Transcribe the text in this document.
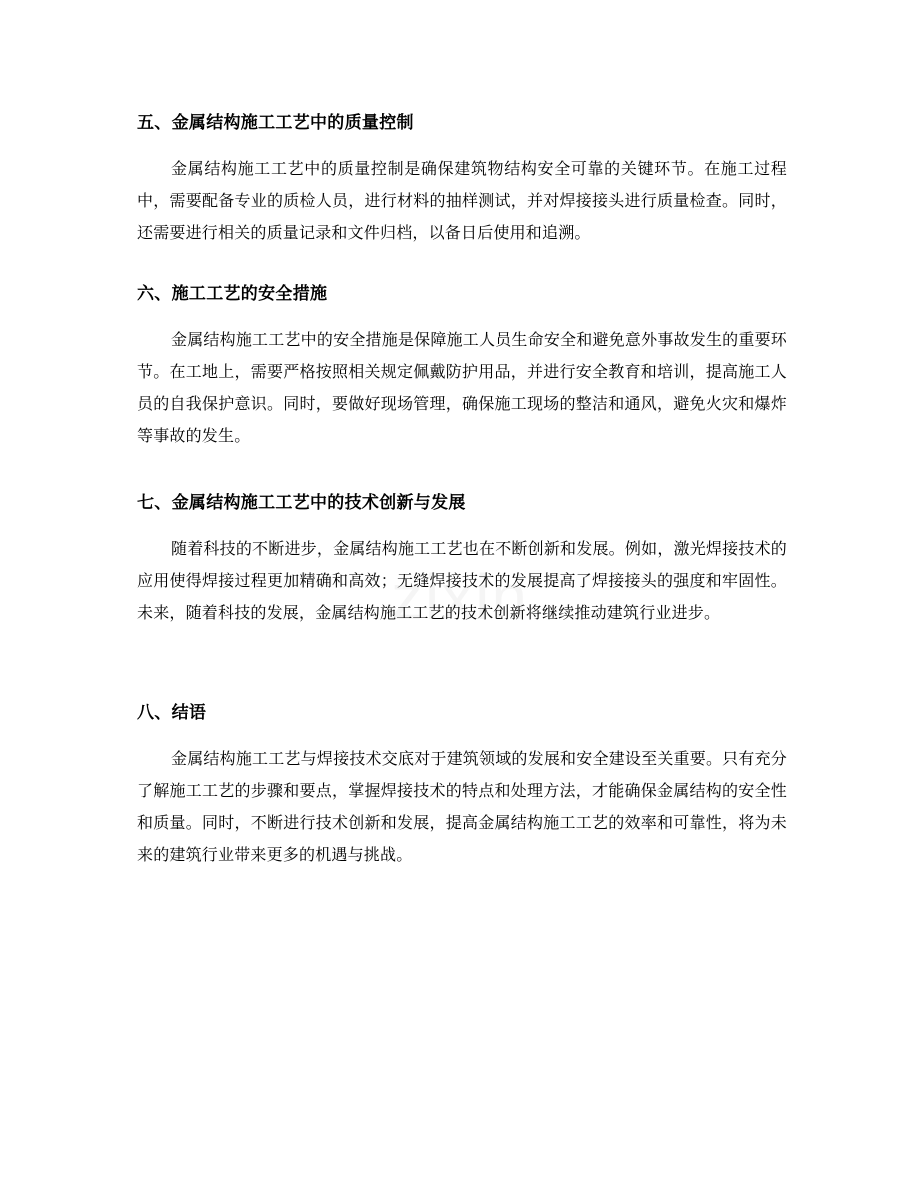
五、金属结构施工工艺中的质量控制

金属结构施工工艺中的质量控制是确保建筑物结构安全可靠的关键环节。在施工过程中，需要配备专业的质检人员，进行材料的抽样测试，并对焊接接头进行质量检查。同时，还需要进行相关的质量记录和文件归档，以备日后使用和追溯。

六、施工工艺的安全措施

金属结构施工工艺中的安全措施是保障施工人员生命安全和避免意外事故发生的重要环节。在工地上，需要严格按照相关规定佩戴防护用品，并进行安全教育和培训，提高施工人员的自我保护意识。同时，要做好现场管理，确保施工现场的整洁和通风，避免火灾和爆炸等事故的发生。

七、金属结构施工工艺中的技术创新与发展

随着科技的不断进步，金属结构施工工艺也在不断创新和发展。例如，激光焊接技术的应用使得焊接过程更加精确和高效；无缝焊接技术的发展提高了焊接接头的强度和牢固性。未来，随着科技的发展，金属结构施工工艺的技术创新将继续推动建筑行业进步。

八、结语

金属结构施工工艺与焊接技术交底对于建筑领域的发展和安全建设至关重要。只有充分了解施工工艺的步骤和要点，掌握焊接技术的特点和处理方法，才能确保金属结构的安全性和质量。同时，不断进行技术创新和发展，提高金属结构施工工艺的效率和可靠性，将为未来的建筑行业带来更多的机遇与挑战。
